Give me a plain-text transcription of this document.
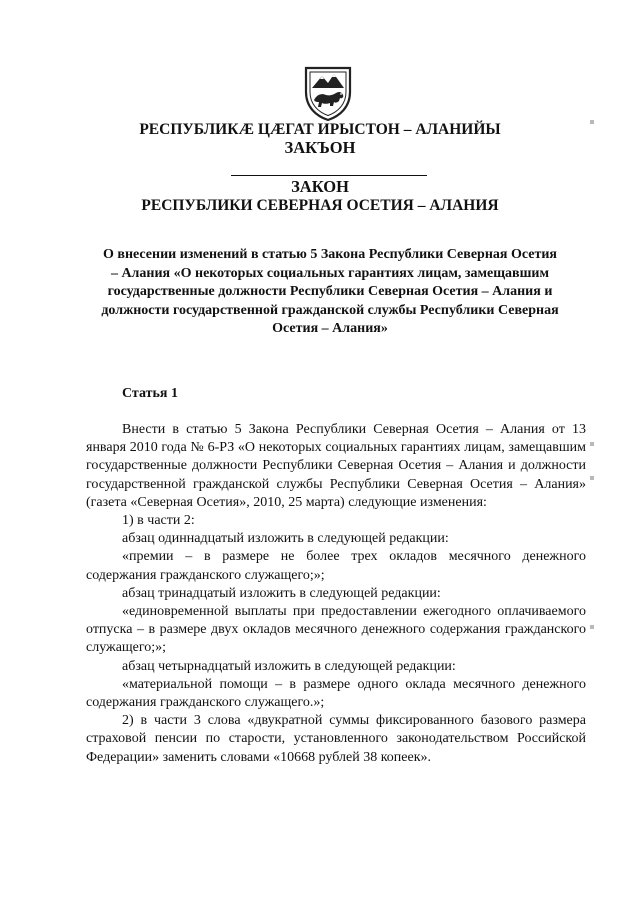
РЕСПУБЛИКӔ ЦӔГАТ ИРЫСТОН – АЛАНИЙЫ
ЗАКЪОН
ЗАКОН
РЕСПУБЛИКИ СЕВЕРНАЯ ОСЕТИЯ – АЛАНИЯ
О внесении изменений в статью 5 Закона Республики Северная Осетия – Алания «О некоторых социальных гарантиях лицам, замещавшим государственные должности Республики Северная Осетия – Алания и должности государственной гражданской службы Республики Северная Осетия – Алания»
Статья 1

Внести в статью 5 Закона Республики Северная Осетия – Алания от 13 января 2010 года № 6-РЗ «О некоторых социальных гарантиях лицам, замещавшим государственные должности Республики Северная Осетия – Алания и должности государственной гражданской службы Республики Северная Осетия – Алания» (газета «Северная Осетия», 2010, 25 марта) следующие изменения:

1) в части 2:

абзац одиннадцатый изложить в следующей редакции:

«премии – в размере не более трех окладов месячного денежного содержания гражданского служащего;»;

абзац тринадцатый изложить в следующей редакции:

«единовременной выплаты при предоставлении ежегодного оплачиваемого отпуска – в размере двух окладов месячного денежного содержания гражданского служащего;»;

абзац четырнадцатый изложить в следующей редакции:

«материальной помощи – в размере одного оклада месячного денежного содержания гражданского служащего.»;

2) в части 3 слова «двукратной суммы фиксированного базового размера страховой пенсии по старости, установленного законодательством Российской Федерации» заменить словами «10668 рублей 38 копеек».
